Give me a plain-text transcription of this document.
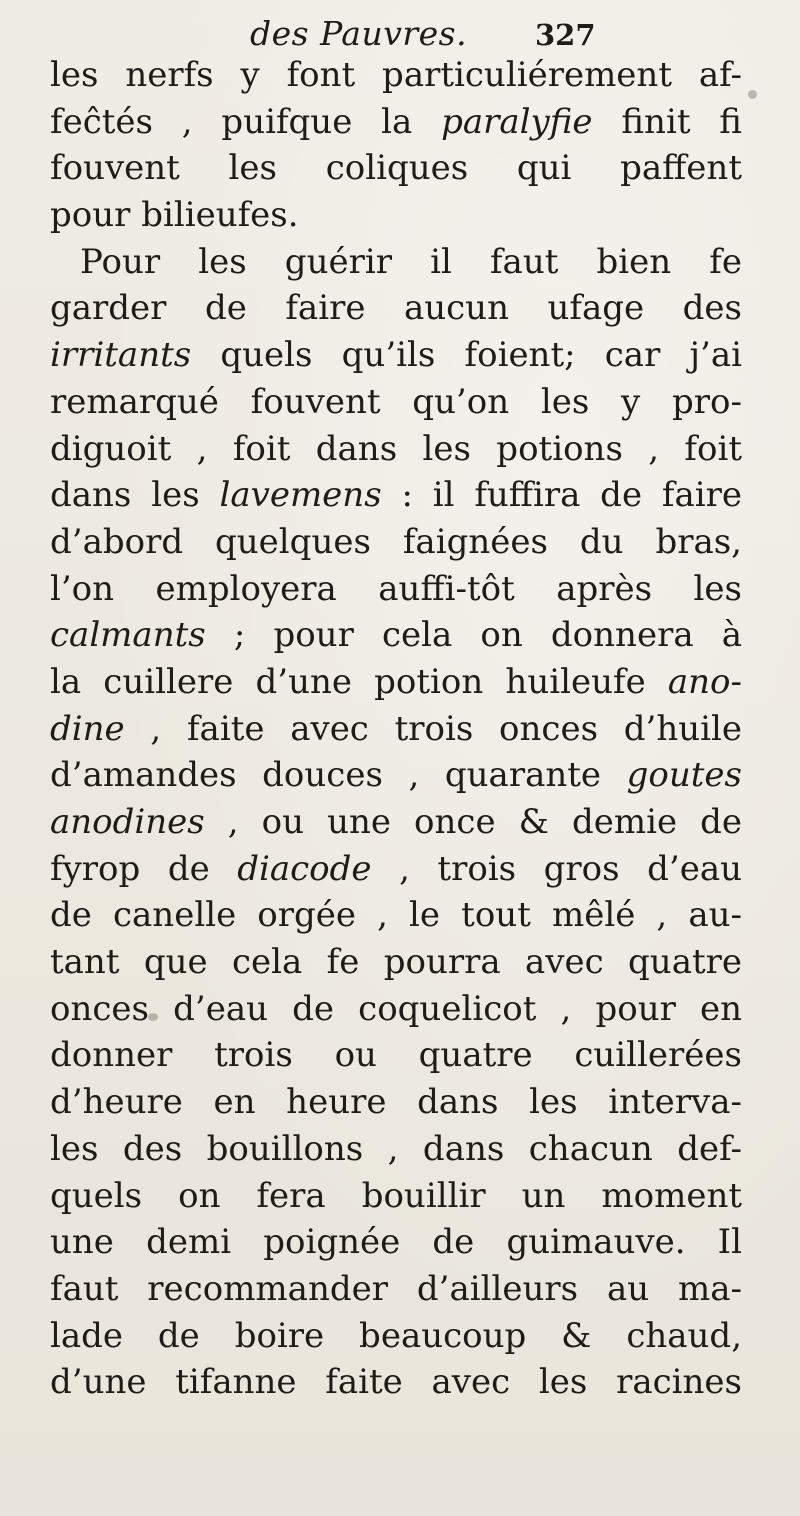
des Pauvres. 327
les nerfs y font particuliérement af-
feĉtés , puifque la paralyfie finit fi
fouvent les coliques qui paffent
pour bilieufes.
Pour les guérir il faut bien fe
garder de faire aucun ufage des
irritants quels qu’ils foient; car j’ai
remarqué fouvent qu’on les y pro-
diguoit , foit dans les potions , foit
dans les lavemens : il fuffira de faire
d’abord quelques faignées du bras,
l’on employera auffi-tôt après les
calmants ; pour cela on donnera à
la cuillere d’une potion huileufe ano-
dine , faite avec trois onces d’huile
d’amandes douces , quarante goutes
anodines , ou une once & demie de
fyrop de diacode , trois gros d’eau
de canelle orgée , le tout mêlé , au-
tant que cela fe pourra avec quatre
onces d’eau de coquelicot , pour en
donner trois ou quatre cuillerées
d’heure en heure dans les interva-
les des bouillons , dans chacun def-
quels on fera bouillir un moment
une demi poignée de guimauve. Il
faut recommander d’ailleurs au ma-
lade de boire beaucoup & chaud,
d’une tifanne faite avec les racines
